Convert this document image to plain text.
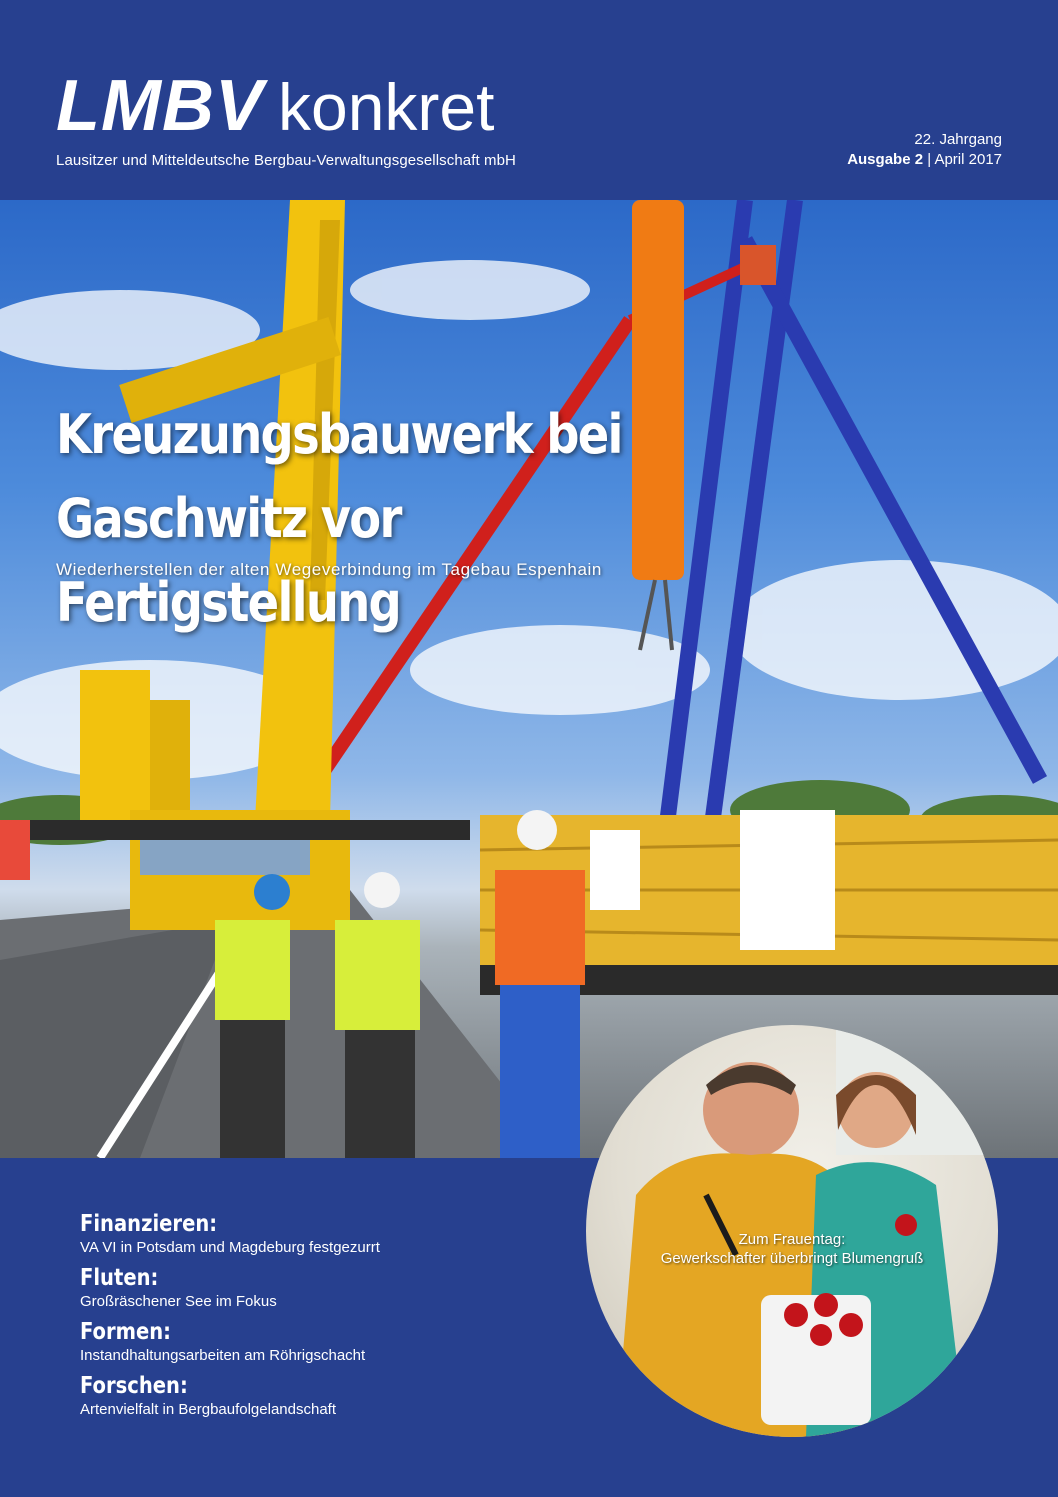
LMBV konkret
Lausitzer und Mitteldeutsche Bergbau-Verwaltungsgesellschaft mbH
22. Jahrgang
Ausgabe 2 | April 2017
Kreuzungsbauwerk bei Gaschwitz vor
Fertigstellung
Wiederherstellen der alten Wegeverbindung im Tagebau Espenhain
Finanzieren:
VA VI in Potsdam und Magdeburg festgezurrt
Fluten:
Großräschener See im Fokus
Formen:
Instandhaltungsarbeiten am Röhrigschacht
Forschen:
Artenvielfalt in Bergbaufolgelandschaft
Zum Frauentag:
Gewerkschafter überbringt Blumengruß
